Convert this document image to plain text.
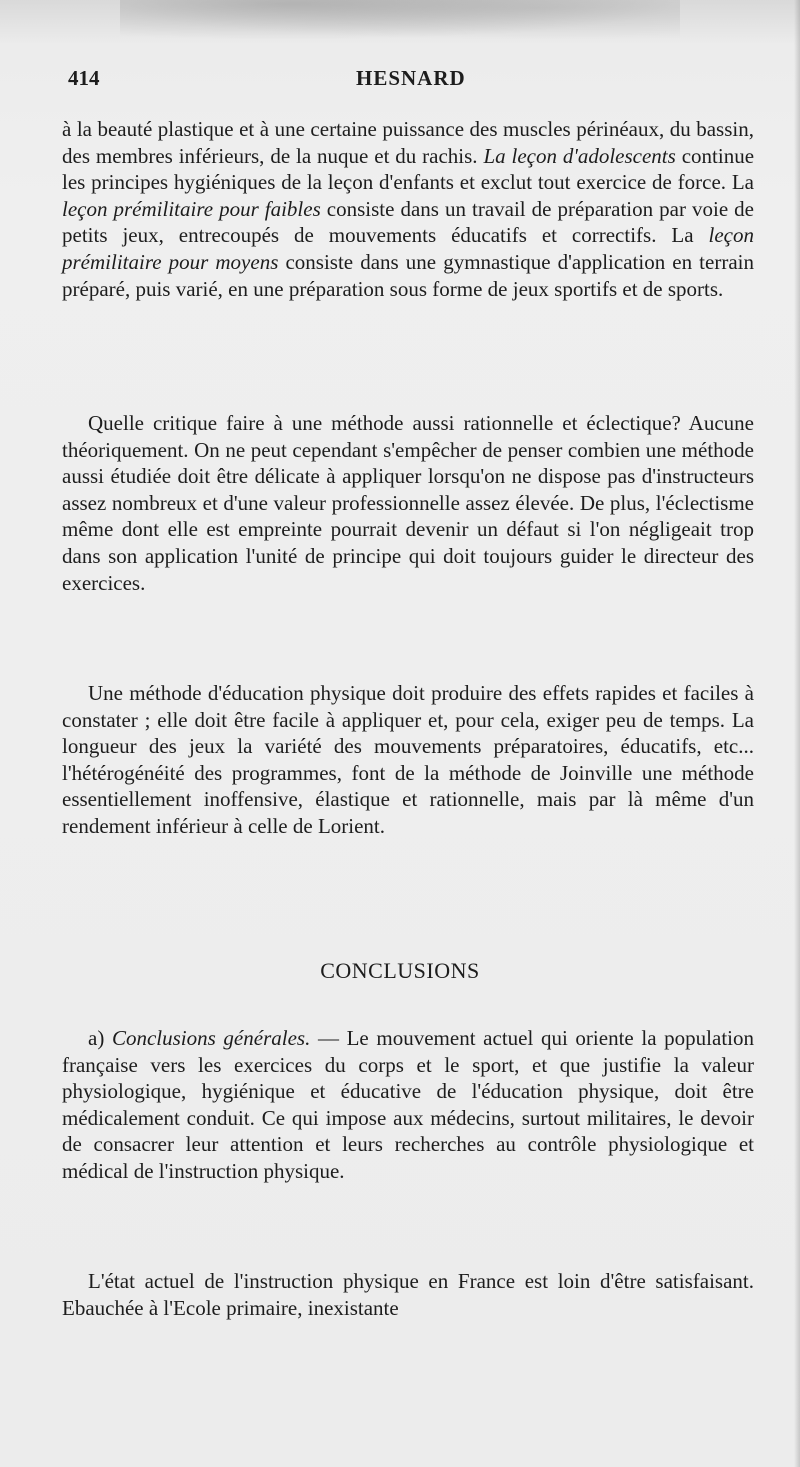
414	HESNARD

à la beauté plastique et à une certaine puissance des muscles périnéaux, du bassin, des membres inférieurs, de la nuque et du rachis. La leçon d'adolescents continue les principes hygiéniques de la leçon d'enfants et exclut tout exercice de force. La leçon prémilitaire pour faibles consiste dans un travail de préparation par voie de petits jeux, entrecoupés de mouvements éducatifs et correctifs. La leçon prémilitaire pour moyens consiste dans une gymnastique d'application en terrain préparé, puis varié, en une préparation sous forme de jeux sportifs et de sports.

Quelle critique faire à une méthode aussi rationnelle et éclectique? Aucune théoriquement. On ne peut cependant s'empêcher de penser combien une méthode aussi étudiée doit être délicate à appliquer lorsqu'on ne dispose pas d'instructeurs assez nombreux et d'une valeur professionnelle assez élevée. De plus, l'éclectisme même dont elle est empreinte pourrait devenir un défaut si l'on négligeait trop dans son application l'unité de principe qui doit toujours guider le directeur des exercices.

Une méthode d'éducation physique doit produire des effets rapides et faciles à constater ; elle doit être facile à appliquer et, pour cela, exiger peu de temps. La longueur des jeux la variété des mouvements préparatoires, éducatifs, etc... l'hétérogénéité des programmes, font de la méthode de Joinville une méthode essentiellement inoffensive, élastique et rationnelle, mais par là même d'un rendement inférieur à celle de Lorient.

CONCLUSIONS

a) Conclusions générales. — Le mouvement actuel qui oriente la population française vers les exercices du corps et le sport, et que justifie la valeur physiologique, hygiénique et éducative de l'éducation physique, doit être médicalement conduit. Ce qui impose aux médecins, surtout militaires, le devoir de consacrer leur attention et leurs recherches au contrôle physiologique et médical de l'instruction physique.

L'état actuel de l'instruction physique en France est loin d'être satisfaisant. Ebauchée à l'Ecole primaire, inexistante
